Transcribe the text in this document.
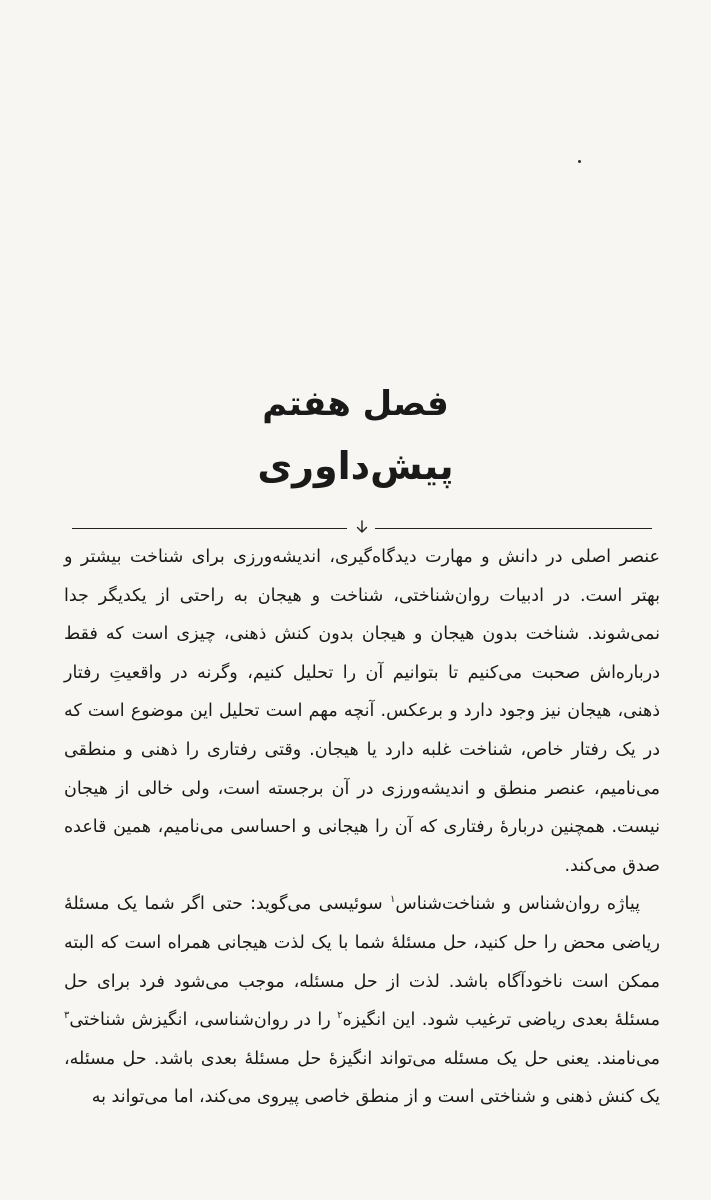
فصل هفتم
پیش‌داوری

عنصر اصلی در دانش و مهارت دیدگاه‌گیری، اندیشه‌ورزی برای شناخت بیشتر و بهتر است. در ادبیات روان‌شناختی، شناخت و هیجان به راحتی از یکدیگر جدا نمی‌شوند. شناخت بدون هیجان و هیجان بدون کنش ذهنی، چیزی است که فقط درباره‌اش صحبت می‌کنیم تا بتوانیم آن را تحلیل کنیم، وگرنه در واقعیتِ رفتار ذهنی، هیجان نیز وجود دارد و برعکس. آنچه مهم است تحلیل این موضوع است که در یک رفتار خاص، شناخت غلبه دارد یا هیجان. وقتی رفتاری را ذهنی و منطقی می‌نامیم، عنصر منطق و اندیشه‌ورزی در آن برجسته است، ولی خالی از هیجان نیست. همچنین دربارهٔ رفتاری که آن را هیجانی و احساسی می‌نامیم، همین قاعده صدق می‌کند.

پیاژه روان‌شناس و شناخت‌شناس$^۱$ سوئیسی می‌گوید: حتی اگر شما یک مسئلهٔ ریاضی محض را حل کنید، حل مسئلهٔ شما با یک لذت هیجانی همراه است که البته ممکن است ناخودآگاه باشد. لذت از حل مسئله، موجب می‌شود فرد برای حل مسئلهٔ بعدی ریاضی ترغیب شود. این انگیزه$^۲$ را در روان‌شناسی، انگیزش شناختی$^۳$ می‌نامند. یعنی حل یک مسئله می‌تواند انگیزهٔ حل مسئلهٔ بعدی باشد. حل مسئله، یک کنش ذهنی و شناختی است و از منطق خاصی پیروی می‌کند، اما می‌تواند به
